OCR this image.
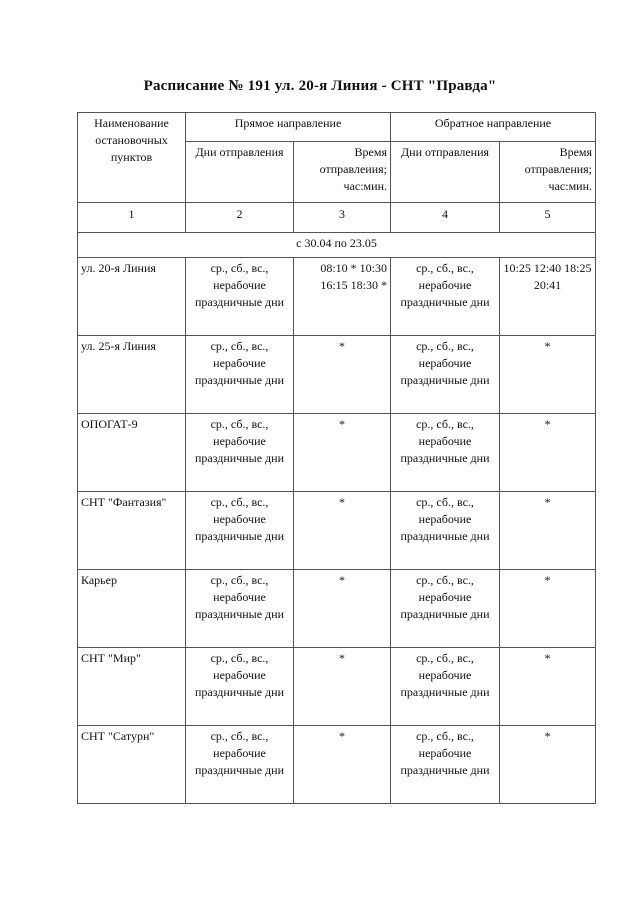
Расписание № 191 ул. 20-я Линия - СНТ "Правда"
Наименование остановочных пунктов	Прямое направление		Обратное направление	
	Дни отправления	Время отправлеиия; час:мин.	Дни отправления	Время отправления; час:мин.
1	2	3	4	5
с 30.04 по 23.05				
ул. 20-я Линия	ср., сб., вс., нерабочие праздничные дни	08:10 * 10:30 16:15 18:30 *	ср., сб., вс., нерабочие праздничные дни	10:25 12:40 18:25 20:41
ул. 25-я Линия	ср., сб., вс., нерабочие праздничные дни	*	ср., сб., вс., нерабочие праздничные дни	*
ОПОГАТ-9	ср., сб., вс., нерабочие праздничные дни	*	ср., сб., вс., нерабочие праздничные дни	*
СНТ "Фантазия"	ср., сб., вс., нерабочие праздничные дни	*	ср., сб., вс., нерабочие праздничные дни	*
Карьер	ср., сб., вс., нерабочие праздничные дни	*	ср., сб., вс., нерабочие праздничные дни	*
СНТ "Мир"	ср., сб., вс., нерабочие праздничные дни	*	ср., сб., вс., нерабочие праздничные дни	*
СНТ "Сатурн"	ср., сб., вс., нерабочие праздничные дни	*	ср., сб., вс., нерабочие праздничные дни	*
